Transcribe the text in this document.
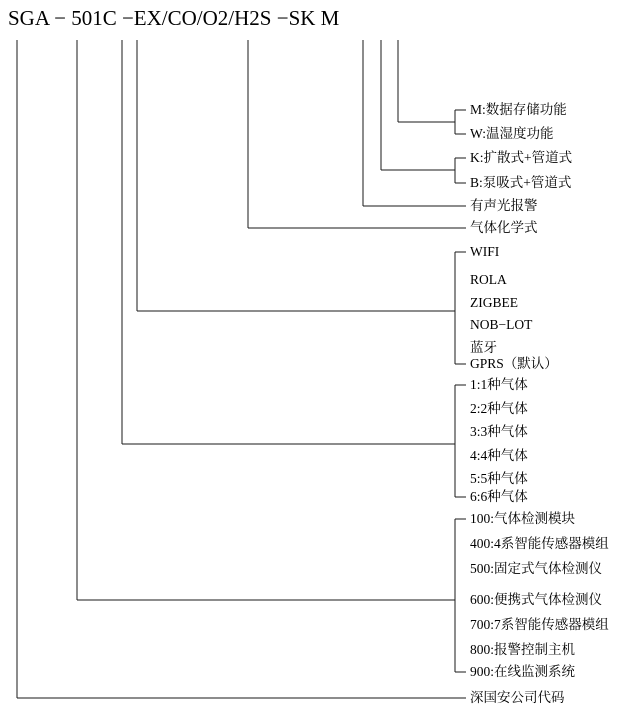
SGA − 501C −EX/CO/O2/H2S −SK M
M:数据存储功能
W:温湿度功能
K:扩散式+管道式
B:泵吸式+管道式
有声光报警
气体化学式
WIFI
ROLA
ZIGBEE
NOB−LOT
蓝牙
GPRS（默认）
1:1种气体
2:2种气体
3:3种气体
4:4种气体
5:5种气体
6:6种气体
100:气体检测模块
400:4系智能传感器模组
500:固定式气体检测仪
600:便携式气体检测仪
700:7系智能传感器模组
800:报警控制主机
900:在线监测系统
深国安公司代码
